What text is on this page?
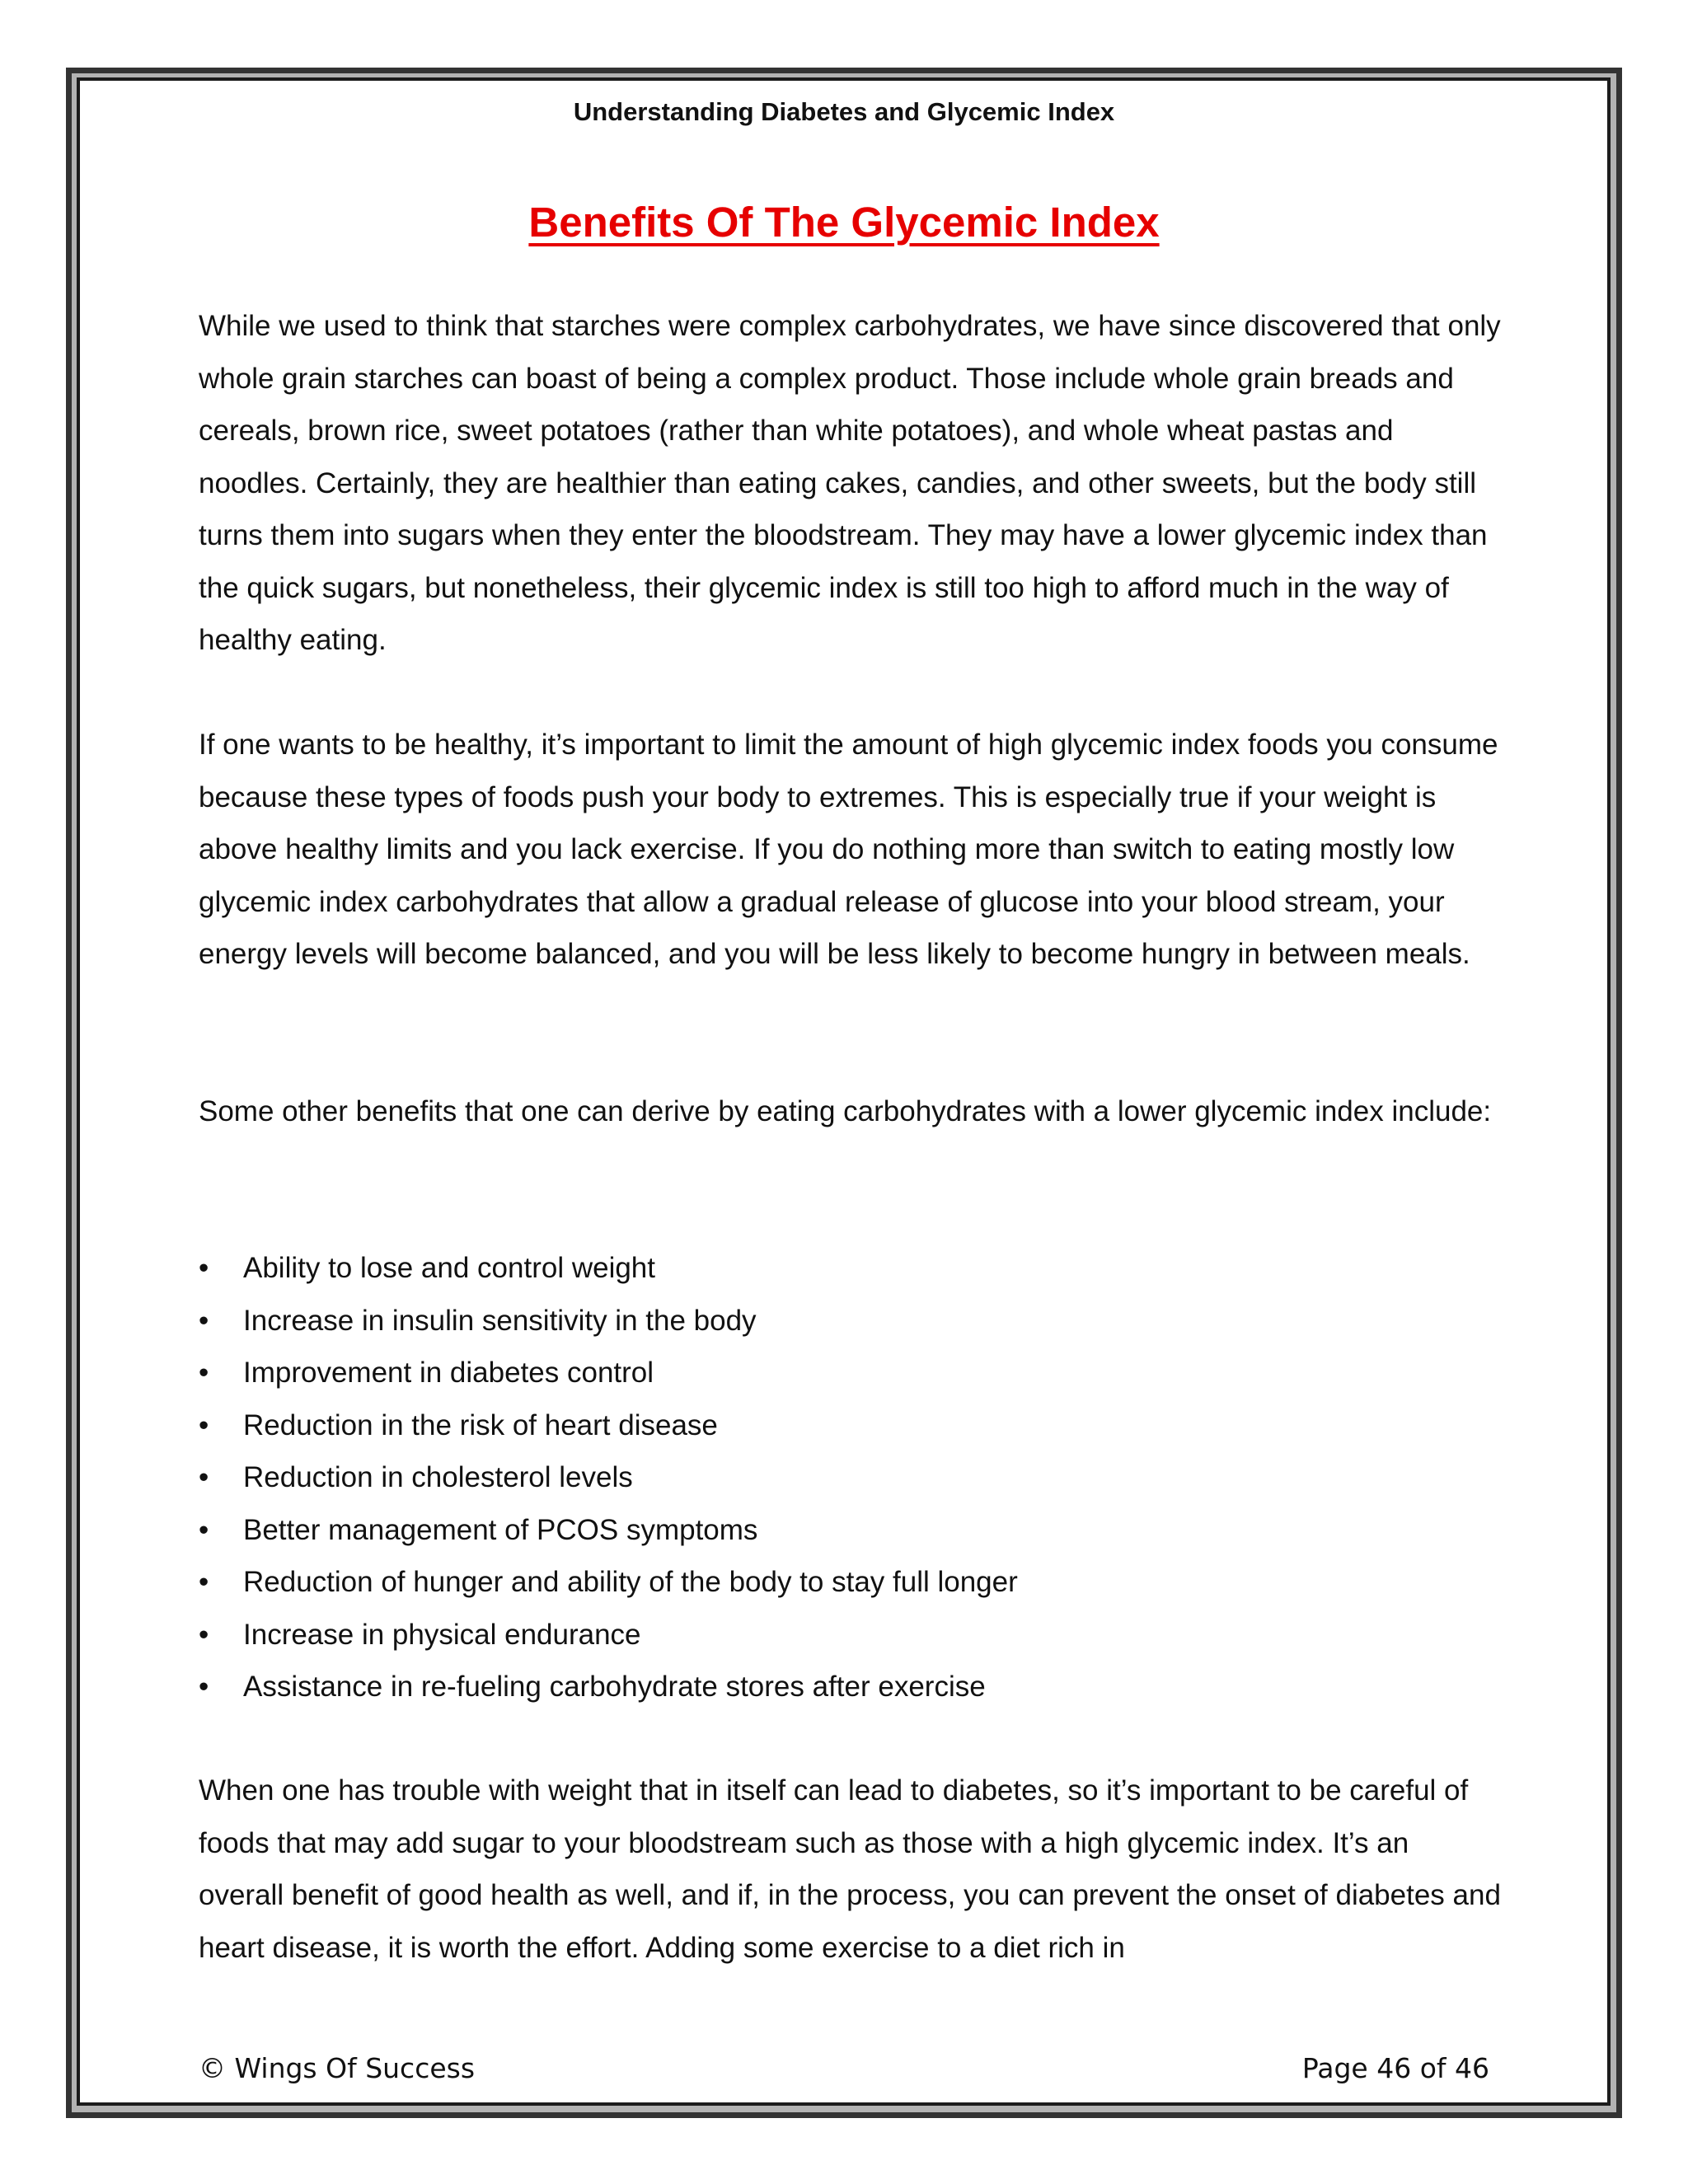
Understanding Diabetes and Glycemic Index
Benefits Of The Glycemic Index

While we used to think that starches were complex carbohydrates, we have since discovered that only whole grain starches can boast of being a complex product. Those include whole grain breads and cereals, brown rice, sweet potatoes (rather than white potatoes), and whole wheat pastas and noodles. Certainly, they are healthier than eating cakes, candies, and other sweets, but the body still turns them into sugars when they enter the bloodstream. They may have a lower glycemic index than the quick sugars, but nonetheless, their glycemic index is still too high to afford much in the way of healthy eating.

If one wants to be healthy, it’s important to limit the amount of high glycemic index foods you consume because these types of foods push your body to extremes. This is especially true if your weight is above healthy limits and you lack exercise. If you do nothing more than switch to eating mostly low glycemic index carbohydrates that allow a gradual release of glucose into your blood stream, your energy levels will become balanced, and you will be less likely to become hungry in between meals.

Some other benefits that one can derive by eating carbohydrates with a lower glycemic index include:

• Ability to lose and control weight
• Increase in insulin sensitivity in the body
• Improvement in diabetes control
• Reduction in the risk of heart disease
• Reduction in cholesterol levels
• Better management of PCOS symptoms
• Reduction of hunger and ability of the body to stay full longer
• Increase in physical endurance
• Assistance in re-fueling carbohydrate stores after exercise

When one has trouble with weight that in itself can lead to diabetes, so it’s important to be careful of foods that may add sugar to your bloodstream such as those with a high glycemic index. It’s an overall benefit of good health as well, and if, in the process, you can prevent the onset of diabetes and heart disease, it is worth the effort. Adding some exercise to a diet rich in

© Wings Of Success	Page 46 of 46
